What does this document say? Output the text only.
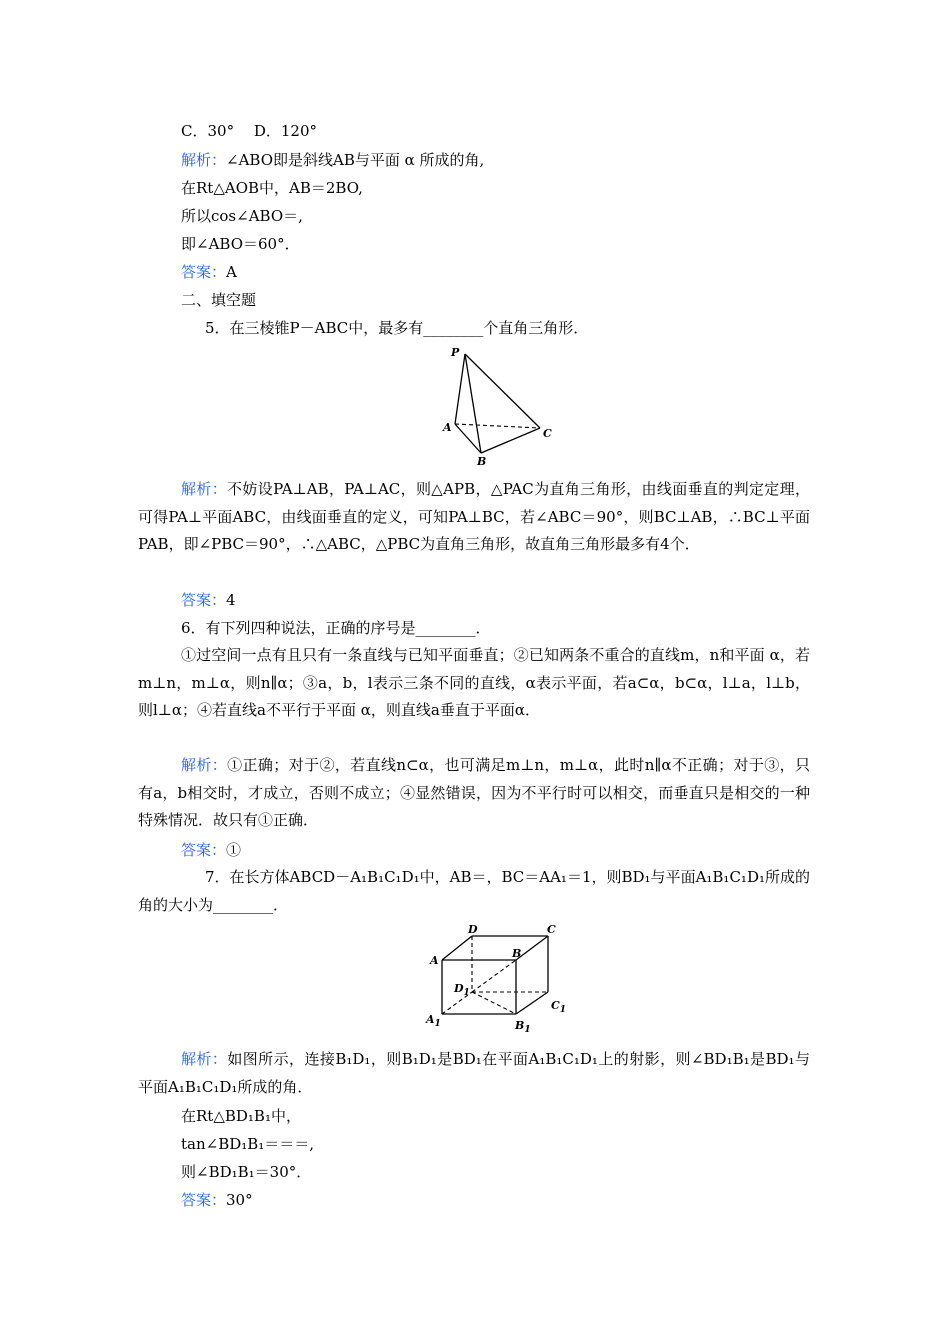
C．30°　 D．120°
解析：∠ABO即是斜线AB与平面 α 所成的角,
在Rt△AOB中，AB＝2BO,
所以cos∠ABO＝,
即∠ABO＝60°．
答案：A
二、填空题
5．在三棱锥P－ABC中，最多有________个直角三角形．
P
A
B
C
解析：不妨设PA⊥AB，PA⊥AC，则△APB，△PAC为直角三角形，由线面垂直的判定定理，可得PA⊥平面ABC，由线面垂直的定义，可知PA⊥BC，若∠ABC＝90°，则BC⊥AB，∴BC⊥平面PAB，即∠PBC＝90°，∴△ABC，△PBC为直角三角形，故直角三角形最多有4个．
答案：4
6．有下列四种说法，正确的序号是________．
①过空间一点有且只有一条直线与已知平面垂直；②已知两条不重合的直线m，n和平面 α，若m⊥n，m⊥α，则n∥α；③a，b，l表示三条不同的直线，α表示平面，若a⊂α，b⊂α，l⊥a，l⊥b，则l⊥α；④若直线a不平行于平面 α，则直线a垂直于平面α．
解析：①正确；对于②，若直线n⊂α，也可满足m⊥n，m⊥α，此时n∥α不正确；对于③，只有a，b相交时，才成立，否则不成立；④显然错误，因为不平行时可以相交，而垂直只是相交的一种特殊情况．故只有①正确．
答案：①
7．在长方体ABCD－A₁B₁C₁D₁中，AB＝，BC＝AA₁＝1，则BD₁与平面A₁B₁C₁D₁所成的角的大小为________．
D	C
A
B
$D_1$
$C_1$
$A_1$	$B_1$
解析：如图所示，连接B₁D₁，则B₁D₁是BD₁在平面A₁B₁C₁D₁上的射影，则∠BD₁B₁是BD₁与平面A₁B₁C₁D₁所成的角．
在Rt△BD₁B₁中，
tan∠BD₁B₁＝＝＝,
则∠BD₁B₁＝30°．
答案：30°
